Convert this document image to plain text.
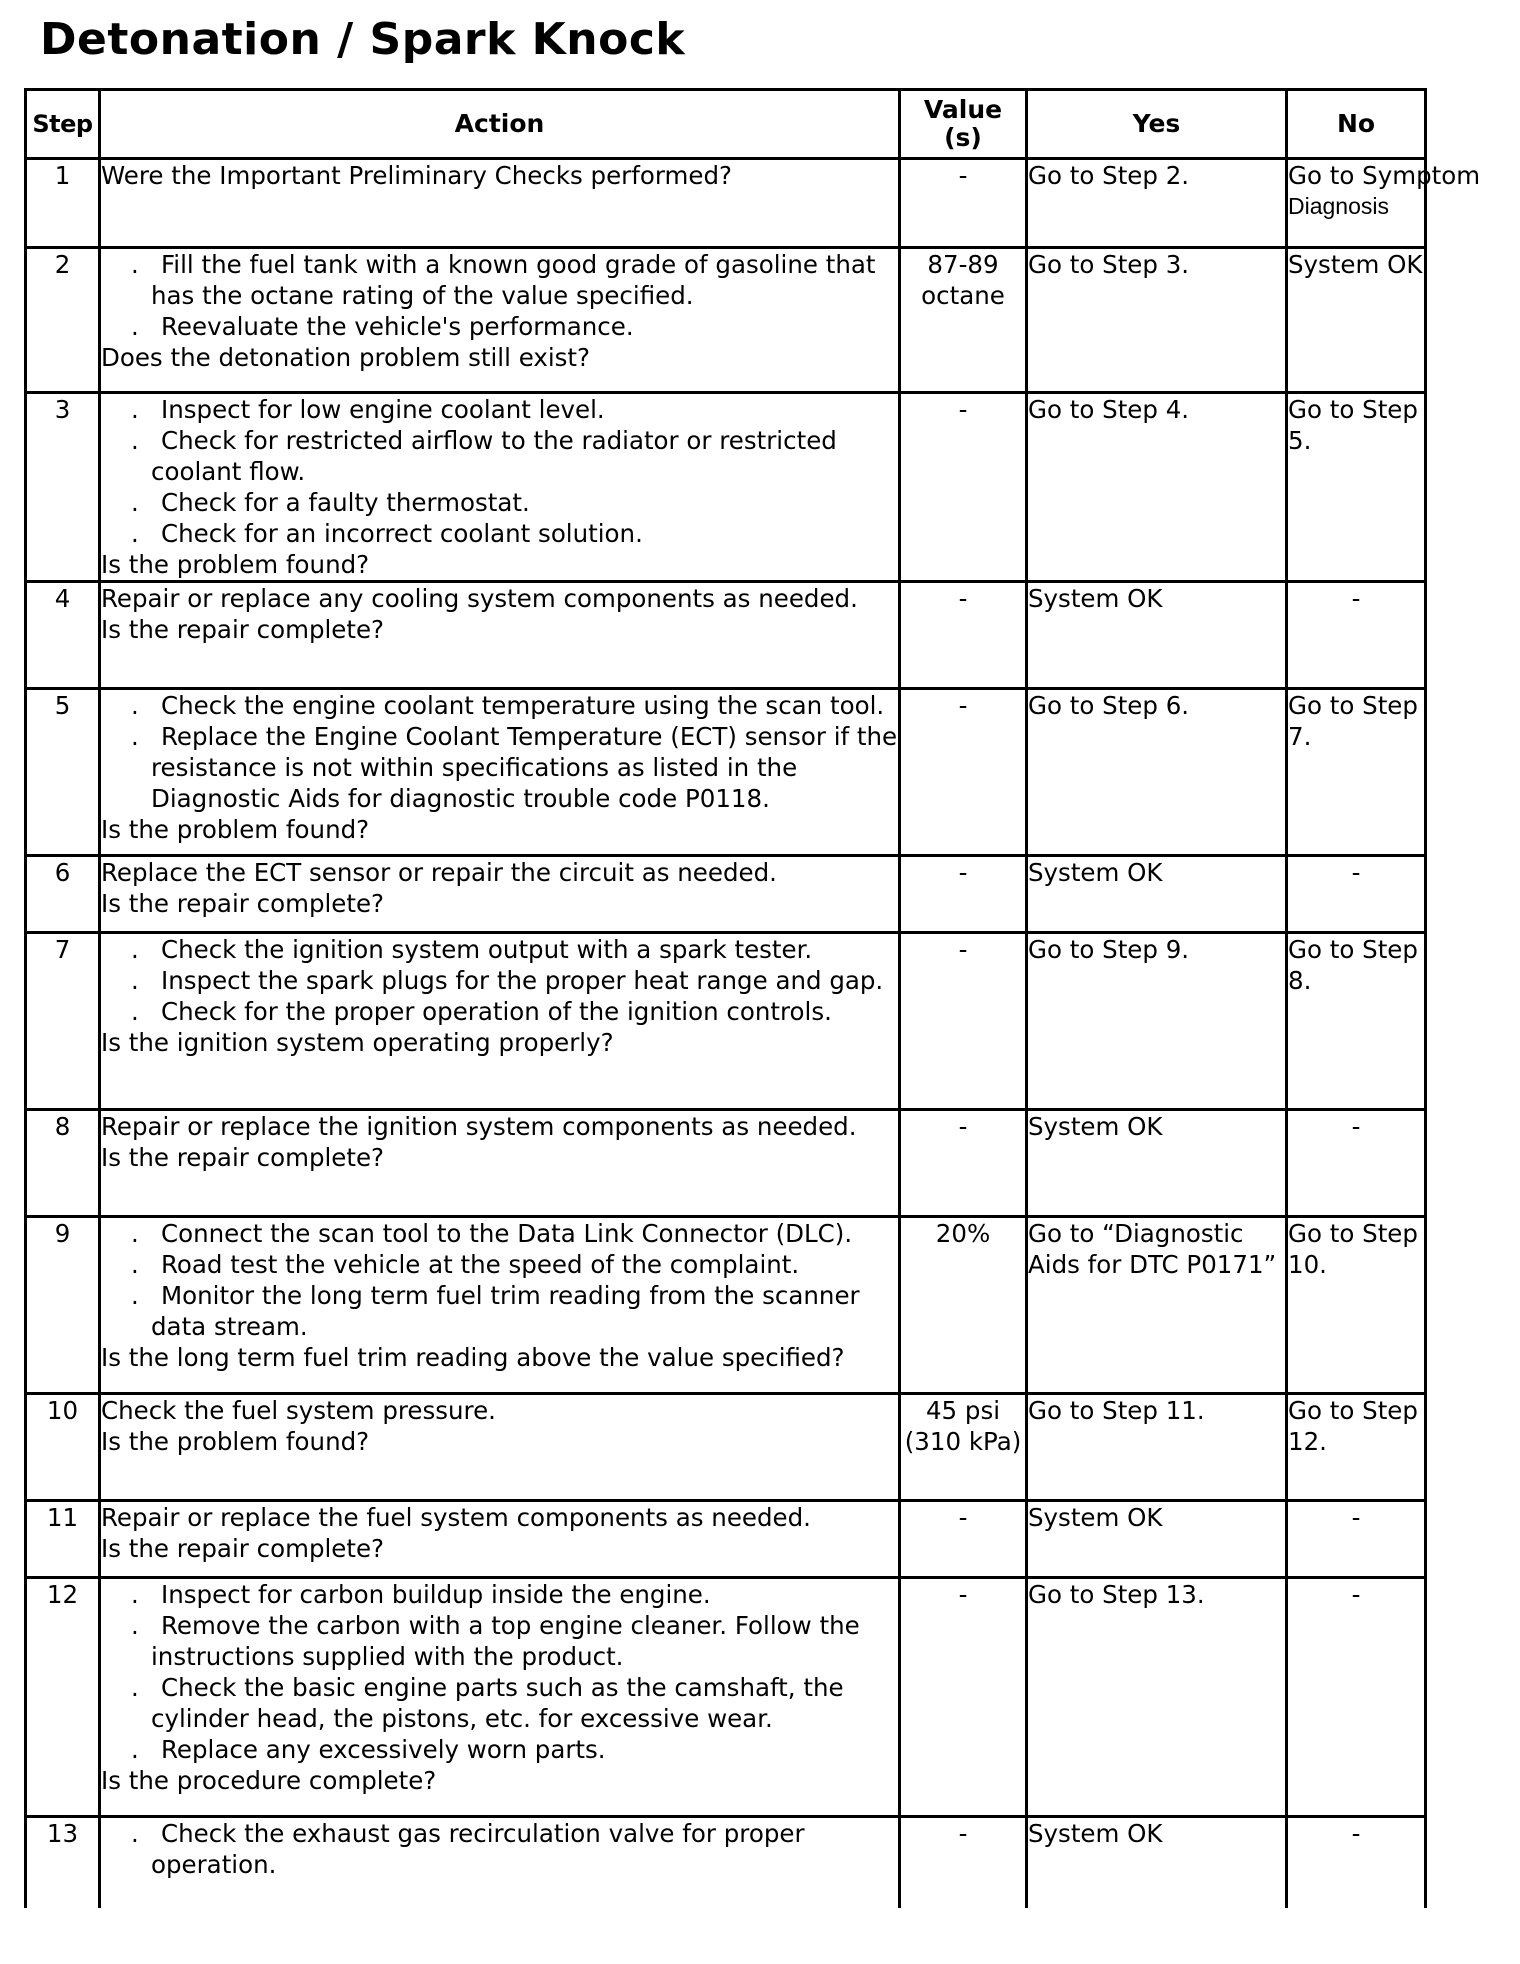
Detonation / Spark Knock
Step	Action	Value (s)	Yes	No
1	Were the Important Preliminary Checks performed?	-	Go to Step 2.	Go to Symptom
Diagnosis

2	. Fill the fuel tank with a known good grade of gasoline that has the octane rating of the value specified.
. Reevaluate the vehicle's performance.
Does the detonation problem still exist?	87-89 octane	Go to Step 3.	System OK
3	. Inspect for low engine coolant level.
. Check for restricted airflow to the radiator or restricted coolant flow.
. Check for a faulty thermostat.
. Check for an incorrect coolant solution.
Is the problem found?	-	Go to Step 4.	Go to Step 5.
4	Repair or replace any cooling system components as needed.
Is the repair complete?	-	System OK	-
5	. Check the engine coolant temperature using the scan tool.
. Replace the Engine Coolant Temperature (ECT) sensor if the resistance is not within specifications as listed in the Diagnostic Aids for diagnostic trouble code P0118.
Is the problem found?	-	Go to Step 6.	Go to Step 7.
6	Replace the ECT sensor or repair the circuit as needed.
Is the repair complete?	-	System OK	-
7	. Check the ignition system output with a spark tester.
. Inspect the spark plugs for the proper heat range and gap.
. Check for the proper operation of the ignition controls.
Is the ignition system operating properly?	-	Go to Step 9.	Go to Step 8.
8	Repair or replace the ignition system components as needed.
Is the repair complete?	-	System OK	-
9	. Connect the scan tool to the Data Link Connector (DLC).
. Road test the vehicle at the speed of the complaint.
. Monitor the long term fuel trim reading from the scanner data stream.
Is the long term fuel trim reading above the value specified?	20%	Go to “Diagnostic Aids for DTC P0171”	Go to Step 10.
10	Check the fuel system pressure.
Is the problem found?	45 psi (310 kPa)	Go to Step 11.	Go to Step 12.
11	Repair or replace the fuel system components as needed.
Is the repair complete?	-	System OK	-
12	. Inspect for carbon buildup inside the engine.
. Remove the carbon with a top engine cleaner. Follow the instructions supplied with the product.
. Check the basic engine parts such as the camshaft, the cylinder head, the pistons, etc. for excessive wear.
. Replace any excessively worn parts.
Is the procedure complete?	-	Go to Step 13.	-
13	. Check the exhaust gas recirculation valve for proper operation.	-	System OK	-
